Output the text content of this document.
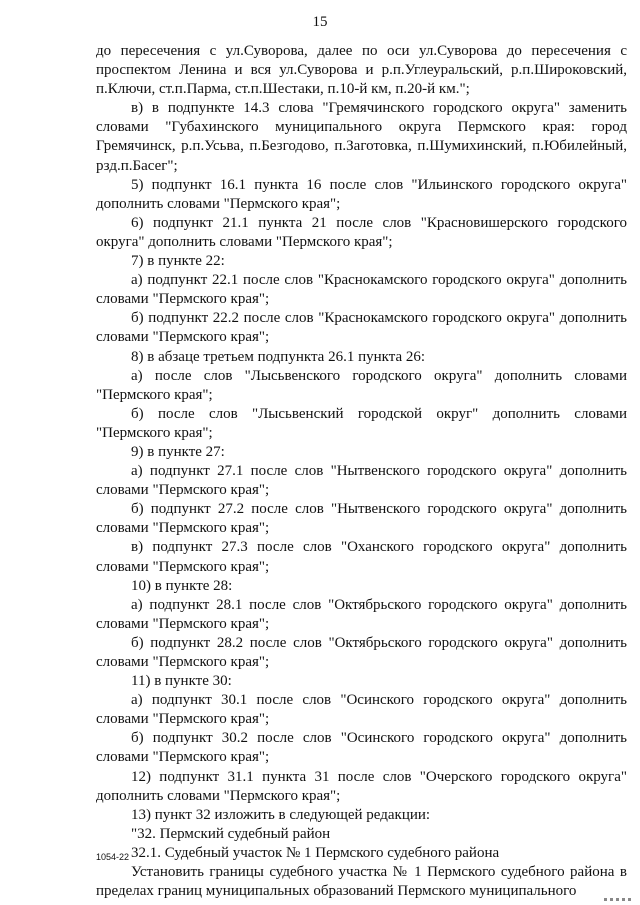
15

до пересечения с ул.Суворова, далее по оси ул.Суворова до пересечения с проспектом Ленина и вся ул.Суворова и р.п.Углеуральский, р.п.Широковский, п.Ключи, ст.п.Парма, ст.п.Шестаки, п.10-й км, п.20-й км.";

в) в подпункте 14.3 слова "Гремячинского городского округа" заменить словами "Губахинского муниципального округа Пермского края: город Гремячинск, р.п.Усьва, п.Безгодово, п.Заготовка, п.Шумихинский, п.Юбилейный, рзд.п.Басег";

5) подпункт 16.1 пункта 16 после слов "Ильинского городского округа" дополнить словами "Пермского края";

6) подпункт 21.1 пункта 21 после слов "Красновишерского городского округа" дополнить словами "Пермского края";

7) в пункте 22:

а) подпункт 22.1 после слов "Краснокамского городского округа" дополнить словами "Пермского края";

б) подпункт 22.2 после слов "Краснокамского городского округа" дополнить словами "Пермского края";

8) в абзаце третьем подпункта 26.1 пункта 26:

а) после слов "Лысьвенского городского округа" дополнить словами "Пермского края";

б) после слов "Лысьвенский городской округ" дополнить словами "Пермского края";

9) в пункте 27:

а) подпункт 27.1 после слов "Нытвенского городского округа" дополнить словами "Пермского края";

б) подпункт 27.2 после слов "Нытвенского городского округа" дополнить словами "Пермского края";

в) подпункт 27.3 после слов "Оханского городского округа" дополнить словами "Пермского края";

10) в пункте 28:

а) подпункт 28.1 после слов "Октябрьского городского округа" дополнить словами "Пермского края";

б) подпункт 28.2 после слов "Октябрьского городского округа" дополнить словами "Пермского края";

11) в пункте 30:

а) подпункт 30.1 после слов "Осинского городского округа" дополнить словами "Пермского края";

б) подпункт 30.2 после слов "Осинского городского округа" дополнить словами "Пермского края";

12) подпункт 31.1 пункта 31 после слов "Очерского городского округа" дополнить словами "Пермского края";

13) пункт 32 изложить в следующей редакции:

"32. Пермский судебный район

32.1. Судебный участок № 1 Пермского судебного района

Установить границы судебного участка № 1 Пермского судебного района в пределах границ муниципальных образований Пермского муниципального

1054-22
